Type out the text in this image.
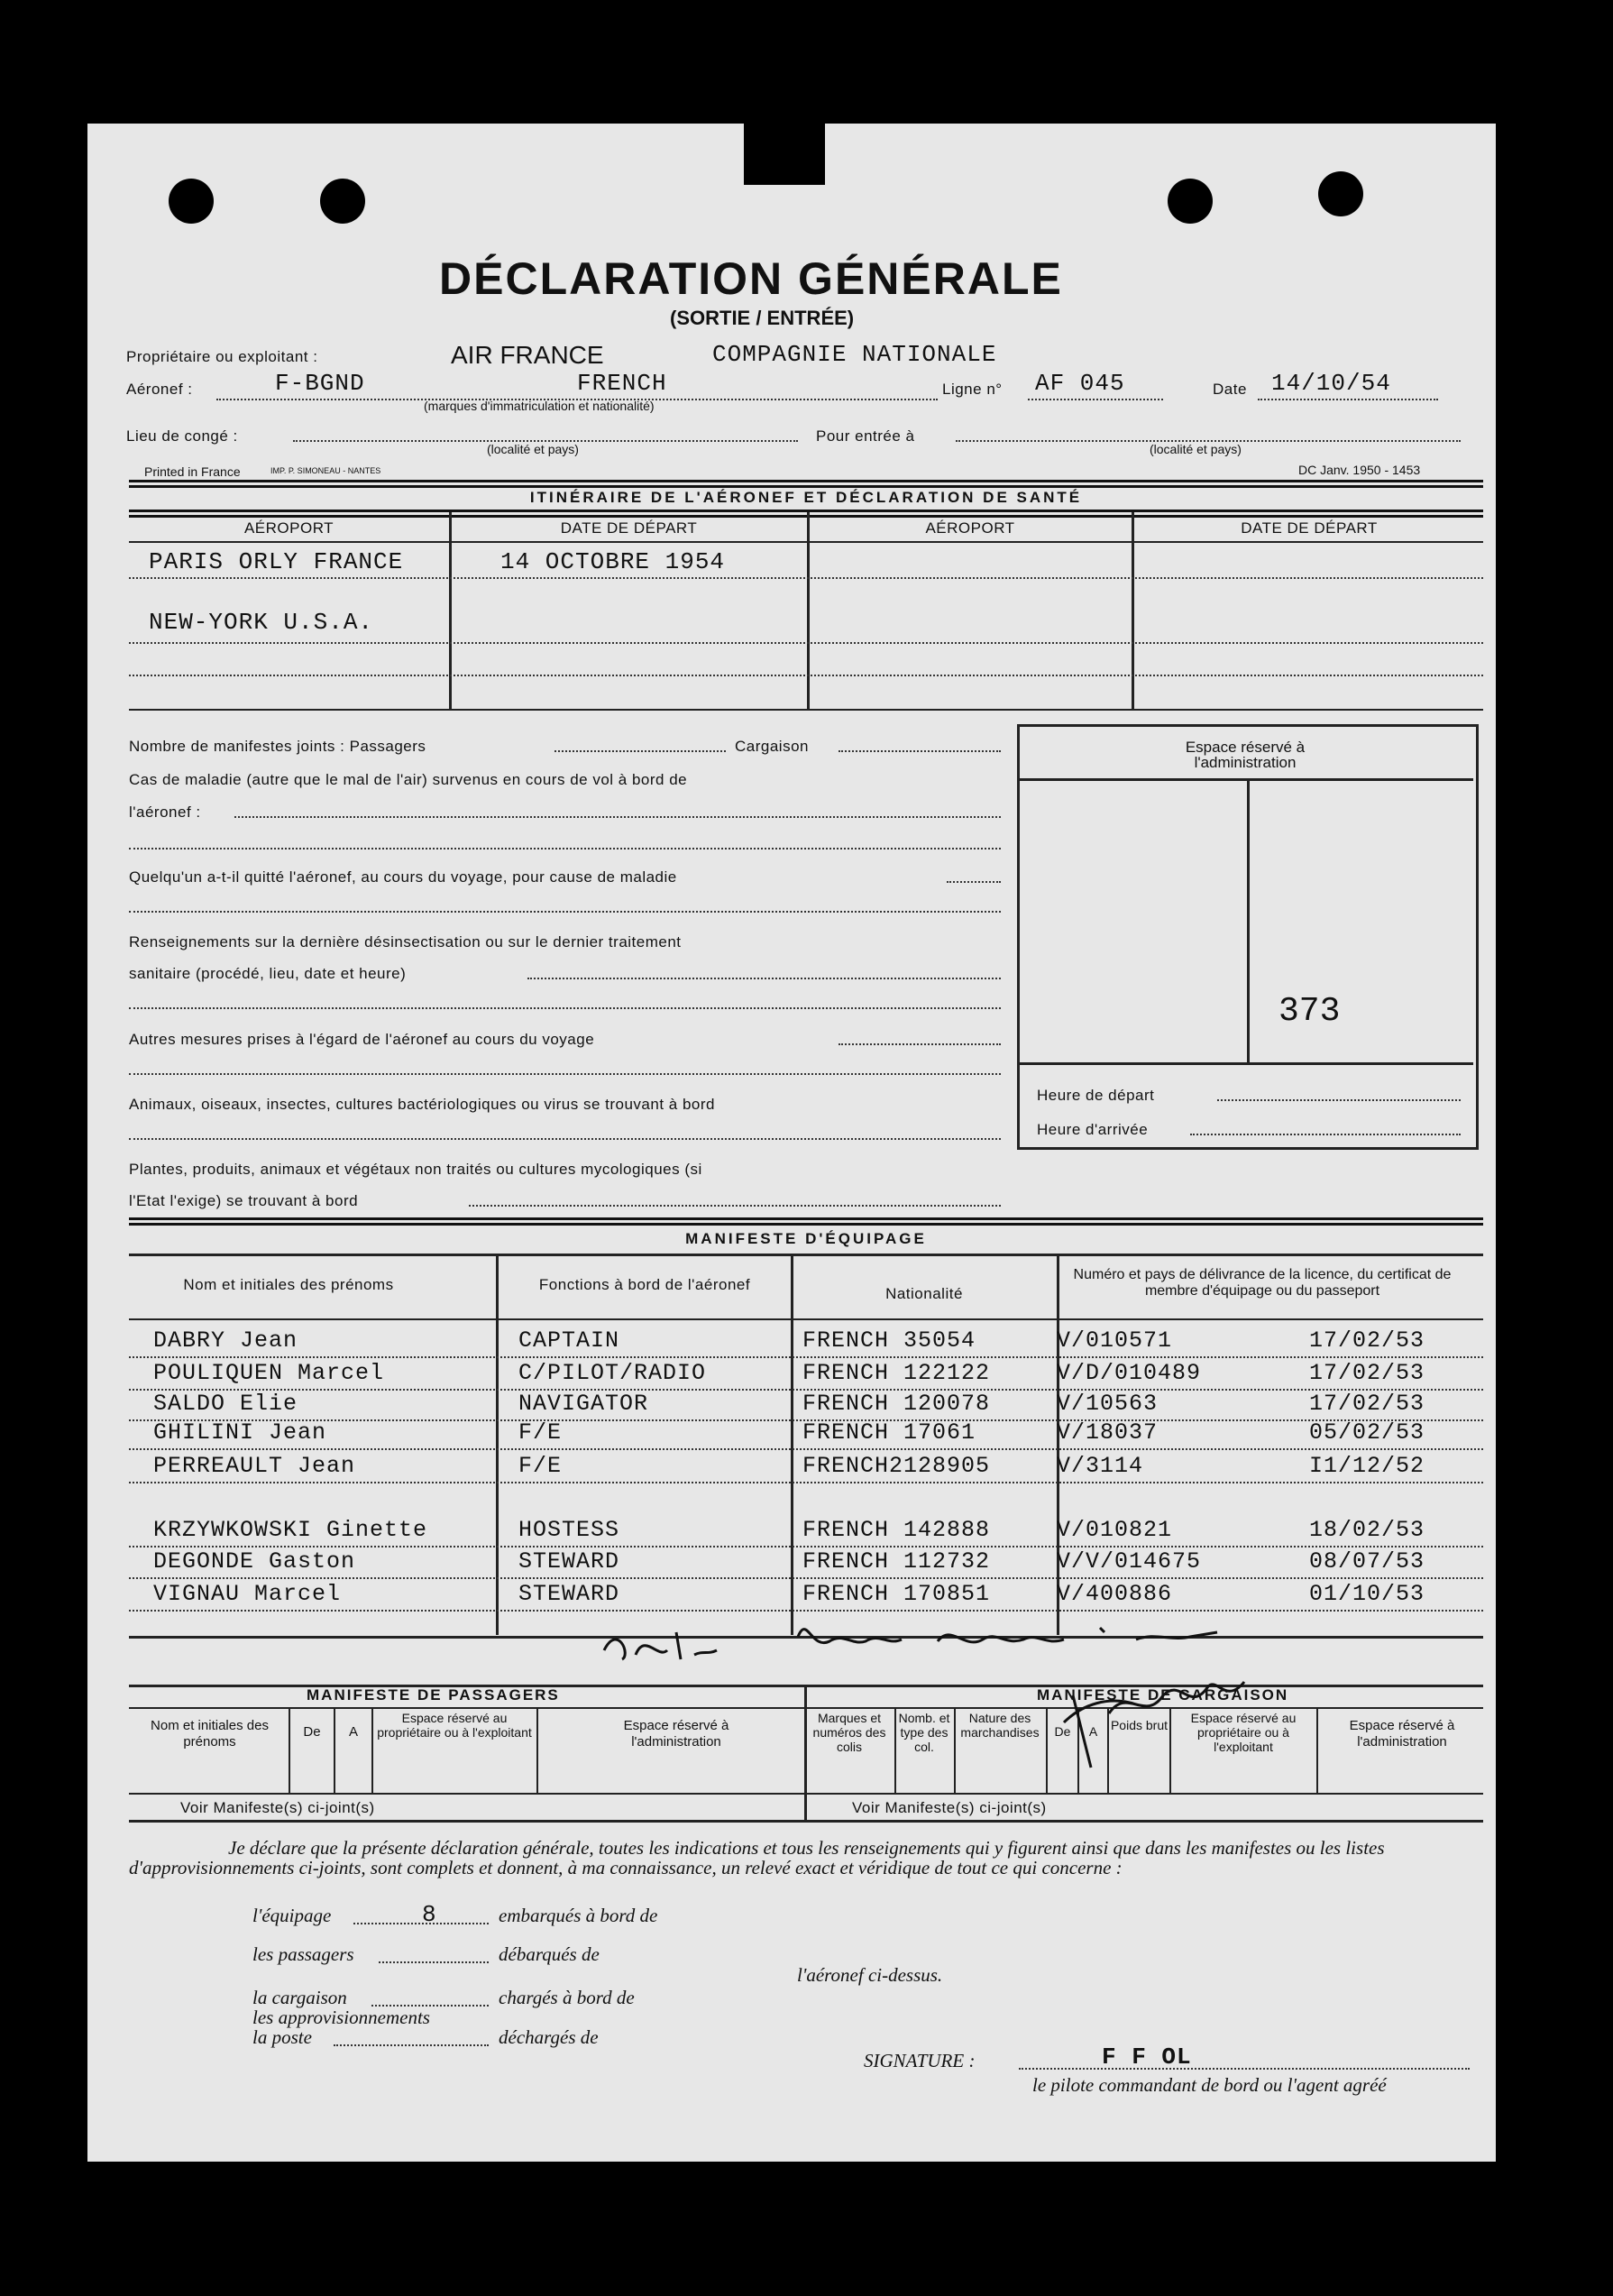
DÉCLARATION GÉNÉRALE
(SORTIE / ENTRÉE)
Propriétaire ou exploitant :	AIR FRANCE	COMPAGNIE NATIONALE
Aéronef :	F-BGND	FRENCH
(marques d'immatriculation et nationalité)
Ligne n° AF 045	Date 14/10/54
Lieu de congé :
(localité et pays)
Pour entrée à
(localité et pays)
Printed in France	IMP. P. SIMONEAU - NANTES	DC Janv. 1950 - 1453
ITINÉRAIRE DE L'AÉRONEF ET DÉCLARATION DE SANTÉ
AÉROPORT	DATE DE DÉPART	AÉROPORT	DATE DE DÉPART
PARIS ORLY FRANCE	14 OCTOBRE 1954
NEW-YORK U.S.A.
Nombre de manifestes joints : Passagers	Cargaison
Cas de maladie (autre que le mal de l'air) survenus en cours de vol à bord de
l'aéronef :
Quelqu'un a-t-il quitté l'aéronef, au cours du voyage, pour cause de maladie
Renseignements sur la dernière désinsectisation ou sur le dernier traitement
sanitaire (procédé, lieu, date et heure)
Autres mesures prises à l'égard de l'aéronef au cours du voyage
Animaux, oiseaux, insectes, cultures bactériologiques ou virus se trouvant à bord
Plantes, produits, animaux et végétaux non traités ou cultures mycologiques (si
l'Etat l'exige) se trouvant à bord
Espace réservé à l'administration
373
Heure de départ
Heure d'arrivée
MANIFESTE D'ÉQUIPAGE
Nom et initiales des prénoms	Fonctions à bord de l'aéronef
Nationalité
Numéro et pays de délivrance de la licence, du certificat de membre d'équipage ou du passeport
DABRY Jean	CAPTAIN	FRENCH 35054	V/010571	17/02/53
POULIQUEN Marcel	C/PILOT/RADIO	FRENCH 122122	V/D/010489	17/02/53
SALDO Elie	NAVIGATOR	FRENCH 120078	V/10563	17/02/53
GHILINI Jean	F/E	FRENCH 17061	V/18037	05/02/53
PERREAULT Jean	F/E	FRENCH2128905	V/3114	I1/12/52
KRZYWKOWSKI Ginette	HOSTESS	FRENCH 142888	V/010821	18/02/53
DEGONDE Gaston	STEWARD	FRENCH 112732	V/V/014675	08/07/53
VIGNAU Marcel	STEWARD	FRENCH 170851	V/400886	01/10/53
MANIFESTE DE PASSAGERS	MANIFESTE DE CARGAISON
Nom et initiales des prénoms
De	A
Espace réservé au propriétaire ou à l'exploitant	Espace réservé à l'administration
Voir Manifeste(s) ci-joint(s)
Marques et numéros des colis
Nomb. et type des col.
Nature des marchandises	De	A	Poids brut	Espace réservé au propriétaire ou à l'exploitant
Espace réservé à l'administration
Voir Manifeste(s) ci-joint(s)
Je déclare que la présente déclaration générale, toutes les indications et tous les renseignements qui y figurent ainsi que dans les manifestes ou les listes d'approvisionnements ci-joints, sont complets et donnent, à ma connaissance, un relevé exact et véridique de tout ce qui concerne :
l'équipage	8
les passagers
la cargaison
les approvisionnements
la poste
embarqués à bord de
débarqués de
chargés à bord de
déchargés de
l'aéronef ci-dessus.
SIGNATURE :	F F OL
le pilote commandant de bord ou l'agent agréé
